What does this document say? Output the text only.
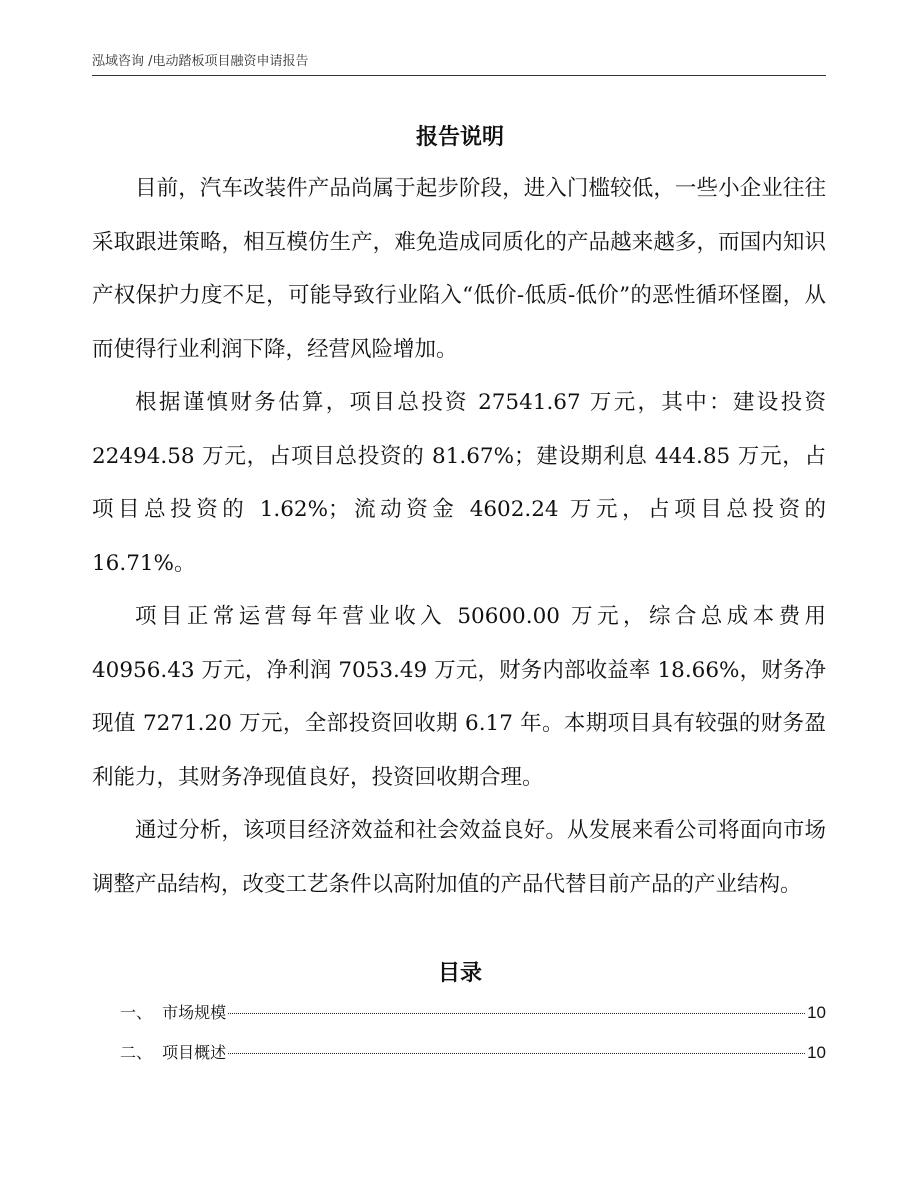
泓域咨询 /电动踏板项目融资申请报告
报告说明

目前，汽车改装件产品尚属于起步阶段，进入门槛较低，一些小企业往往采取跟进策略，相互模仿生产，难免造成同质化的产品越来越多，而国内知识产权保护力度不足，可能导致行业陷入“低价-低质-低价”的恶性循环怪圈，从而使得行业利润下降，经营风险增加。

根据谨慎财务估算，项目总投资 27541.67 万元，其中：建设投资 22494.58 万元，占项目总投资的 81.67%；建设期利息 444.85 万元，占项目总投资的 1.62%；流动资金 4602.24 万元，占项目总投资的 16.71%。

项目正常运营每年营业收入 50600.00 万元，综合总成本费用 40956.43 万元，净利润 7053.49 万元，财务内部收益率 18.66%，财务净现值 7271.20 万元，全部投资回收期 6.17 年。本期项目具有较强的财务盈利能力，其财务净现值良好，投资回收期合理。

通过分析，该项目经济效益和社会效益良好。从发展来看公司将面向市场调整产品结构，改变工艺条件以高附加值的产品代替目前产品的产业结构。

目录
一、  市场规模	10
二、  项目概述	10
